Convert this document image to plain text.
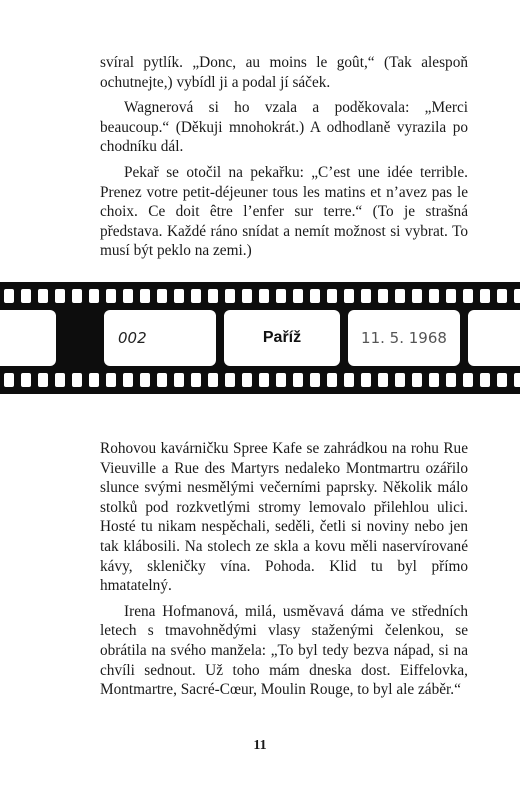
svíral pytlík. „Donc, au moins le goût,“ (Tak alespoň ochutnejte,) vybídl ji a podal jí sáček.

Wagnerová si ho vzala a poděkovala: „Merci beaucoup.“ (Děkuji mnohokrát.) A odhodlaně vyrazila po chodníku dál.

Pekař se otočil na pekařku: „C’est une idée terrible. Prenez votre petit-déjeuner tous les matins et n’avez pas le choix. Ce doit être l’enfer sur terre.“ (To je strašná představa. Každé ráno snídat a nemít možnost si vybrat. To musí být peklo na zemi.)

002	Paříž	11. 5. 1968

Rohovou kavárničku Spree Kafe se zahrádkou na rohu Rue Vieuville a Rue des Martyrs nedaleko Montmartru ozářilo slunce svými nesmělými večerními paprsky. Několik málo stolků pod rozkvetlými stromy lemovalo přilehlou ulici. Hosté tu nikam nespěchali, seděli, četli si noviny nebo jen tak klábosili. Na stolech ze skla a kovu měli naservírované kávy, skleničky vína. Pohoda. Klid tu byl přímo hmatatelný.

Irena Hofmanová, milá, usměvavá dáma ve středních letech s tmavohnědými vlasy staženými čelenkou, se obrátila na svého manžela: „To byl tedy bezva nápad, si na chvíli sednout. Už toho mám dneska dost. Eiffelovka, Montmartre, Sacré-Cœur, Moulin Rouge, to byl ale záběr.“

11
